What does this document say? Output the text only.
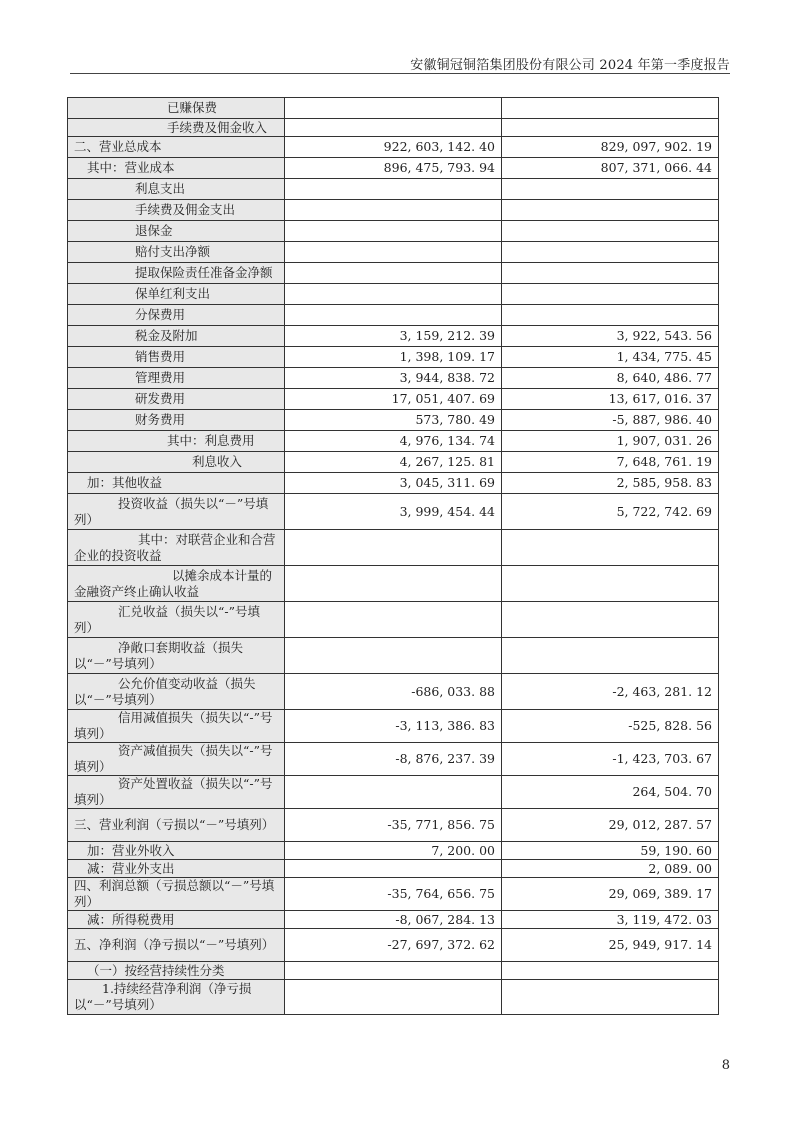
安徽铜冠铜箔集团股份有限公司 2024 年第一季度报告
已赚保费		
手续费及佣金收入		
二、营业总成本	922, 603, 142. 40	829, 097, 902. 19
其中：营业成本	896, 475, 793. 94	807, 371, 066. 44
利息支出		
手续费及佣金支出		
退保金		
赔付支出净额		
提取保险责任准备金净额		
保单红利支出		
分保费用		
税金及附加	3, 159, 212. 39	3, 922, 543. 56
销售费用	1, 398, 109. 17	1, 434, 775. 45
管理费用	3, 944, 838. 72	8, 640, 486. 77
研发费用	17, 051, 407. 69	13, 617, 016. 37
财务费用	573, 780. 49	-5, 887, 986. 40
其中：利息费用	4, 976, 134. 74	1, 907, 031. 26
利息收入	4, 267, 125. 81	7, 648, 761. 19
加：其他收益	3, 045, 311. 69	2, 585, 958. 83
投资收益（损失以“－”号填列）	3, 999, 454. 44	5, 722, 742. 69
其中：对联营企业和合营企业的投资收益		
以摊余成本计量的金融资产终止确认收益		
汇兑收益（损失以“-”号填列）		
净敞口套期收益（损失以“－”号填列）		
公允价值变动收益（损失以“－”号填列）	-686, 033. 88	-2, 463, 281. 12
信用减值损失（损失以“-”号填列）	-3, 113, 386. 83	-525, 828. 56
资产减值损失（损失以“-”号填列）	-8, 876, 237. 39	-1, 423, 703. 67
资产处置收益（损失以“-”号填列）		264, 504. 70
三、营业利润（亏损以“－”号填列）	-35, 771, 856. 75	29, 012, 287. 57
加：营业外收入	7, 200. 00	59, 190. 60
减：营业外支出		2, 089. 00
四、利润总额（亏损总额以“－”号填列）	-35, 764, 656. 75	29, 069, 389. 17
减：所得税费用	-8, 067, 284. 13	3, 119, 472. 03
五、净利润（净亏损以“－”号填列）	-27, 697, 372. 62	25, 949, 917. 14
（一）按经营持续性分类		
1.持续经营净利润（净亏损以“－”号填列）		
8
